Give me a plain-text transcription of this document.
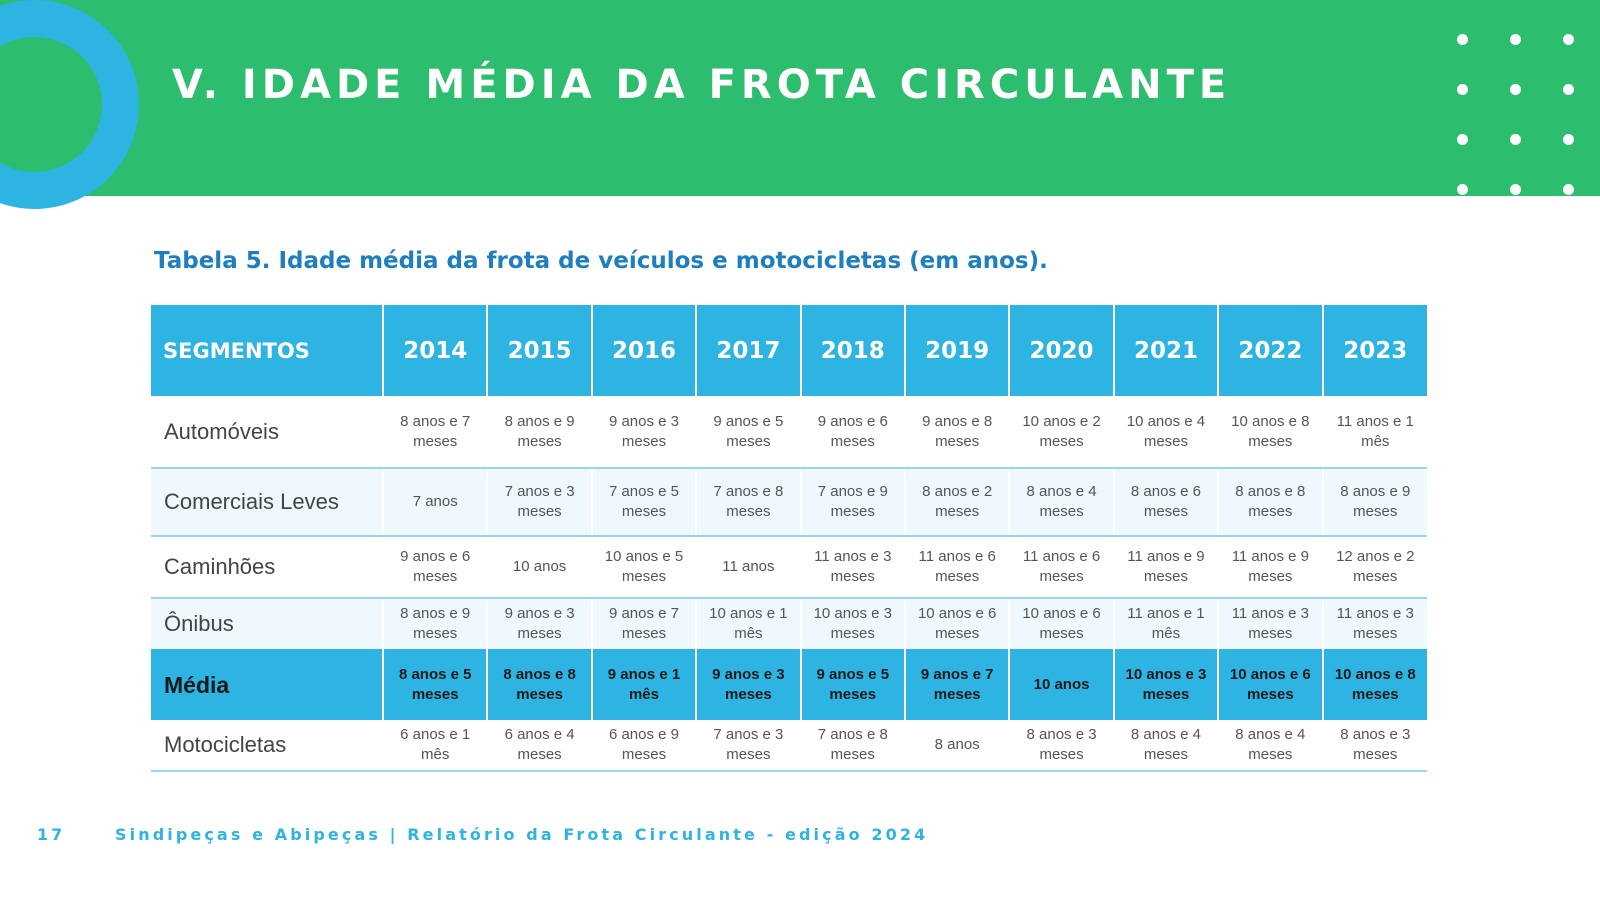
V. IDADE MÉDIA DA FROTA CIRCULANTE
Tabela 5. Idade média da frota de veículos e motocicletas (em anos).
SEGMENTOS	2014	2015	2016	2017	2018	2019	2020	2021	2022	2023
Automóveis	8 anos e 7 meses	8 anos e 9 meses	9 anos e 3 meses	9 anos e 5 meses	9 anos e 6 meses	9 anos e 8 meses	10 anos e 2 meses	10 anos e 4 meses	10 anos e 8 meses	11 anos e 1 mês
Comerciais Leves	7 anos	7 anos e 3 meses	7 anos e 5 meses	7 anos e 8 meses	7 anos e 9 meses	8 anos e 2 meses	8 anos e 4 meses	8 anos e 6 meses	8 anos e 8 meses	8 anos e 9 meses
Caminhões	9 anos e 6 meses	10 anos	10 anos e 5 meses	11 anos	11 anos e 3 meses	11 anos e 6 meses	11 anos e 6 meses	11 anos e 9 meses	11 anos e 9 meses	12 anos e 2 meses
Ônibus	8 anos e 9 meses	9 anos e 3 meses	9 anos e 7 meses	10 anos e 1 mês	10 anos e 3 meses	10 anos e 6 meses	10 anos e 6 meses	11 anos e 1 mês	11 anos e 3 meses	11 anos e 3 meses
Média	8 anos e 5 meses	8 anos e 8 meses	9 anos e 1 mês	9 anos e 3 meses	9 anos e 5 meses	9 anos e 7 meses	10 anos	10 anos e 3 meses	10 anos e 6 meses	10 anos e 8 meses
Motocicletas	6 anos e 1 mês	6 anos e 4 meses	6 anos e 9 meses	7 anos e 3 meses	7 anos e 8 meses	8 anos	8 anos e 3 meses	8 anos e 4 meses	8 anos e 4 meses	8 anos e 3 meses
17	Sindipeças e Abipeças | Relatório da Frota Circulante - edição 2024
